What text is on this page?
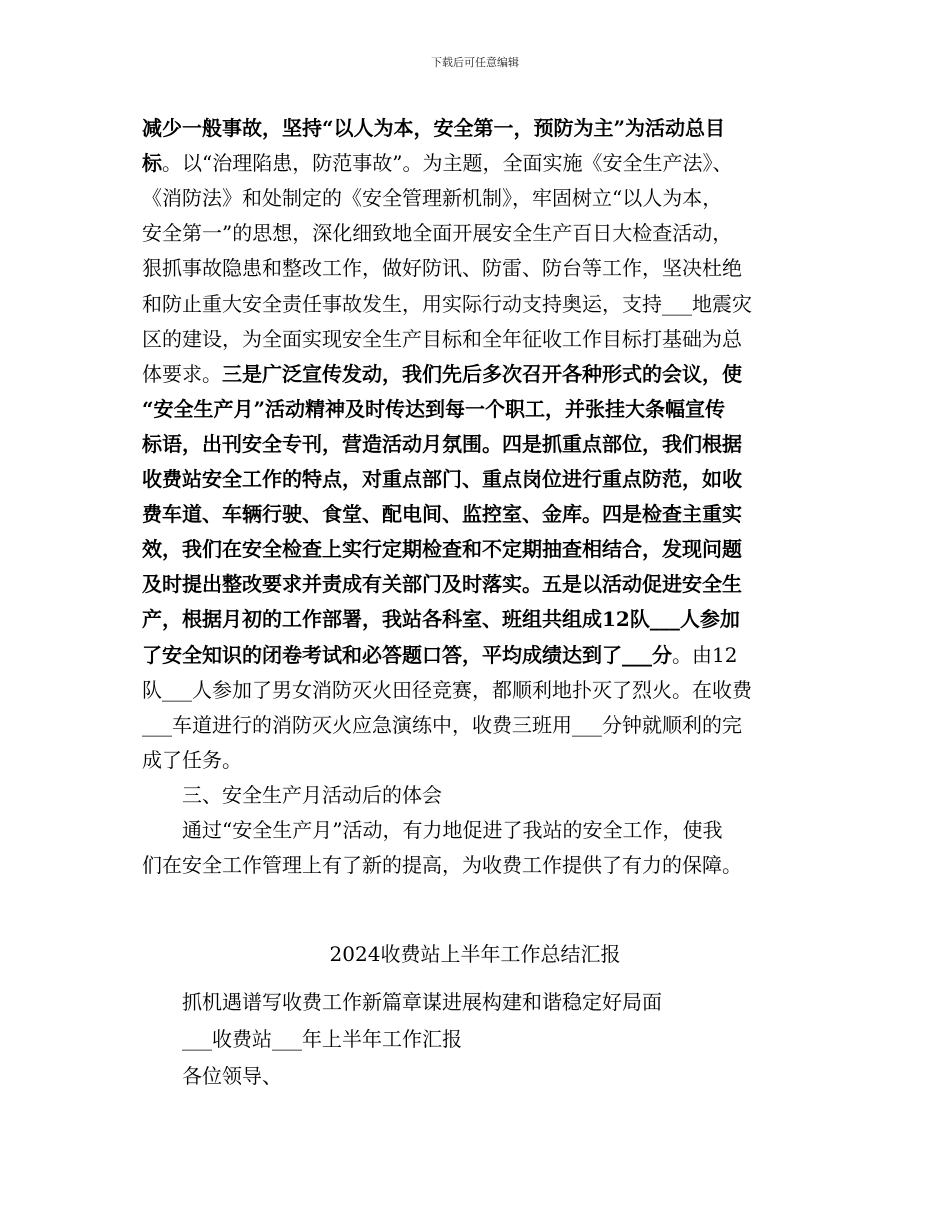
下载后可任意编辑
减少一般事故，坚持“以人为本，安全第一，预防为主”为活动总目
标。以“治理陷患，防范事故”。为主题，全面实施《安全生产法》、
《消防法》和处制定的《安全管理新机制》，牢固树立“以人为本，
安全第一”的思想，深化细致地全面开展安全生产百日大检查活动，
狠抓事故隐患和整改工作，做好防讯、防雷、防台等工作，坚决杜绝
和防止重大安全责任事故发生，用实际行动支持奥运，支持___地震灾
区的建设，为全面实现安全生产目标和全年征收工作目标打基础为总
体要求。三是广泛宣传发动，我们先后多次召开各种形式的会议，使
“安全生产月”活动精神及时传达到每一个职工，并张挂大条幅宣传
标语，出刊安全专刊，营造活动月氛围。四是抓重点部位，我们根据
收费站安全工作的特点，对重点部门、重点岗位进行重点防范，如收
费车道、车辆行驶、食堂、配电间、监控室、金库。四是检查主重实
效，我们在安全检查上实行定期检查和不定期抽查相结合，发现问题
及时提出整改要求并责成有关部门及时落实。五是以活动促进安全生
产，根据月初的工作部署，我站各科室、班组共组成12队___人参加
了安全知识的闭卷考试和必答题口答，平均成绩达到了___分。由12
队___人参加了男女消防灭火田径竞赛，都顺利地扑灭了烈火。在收费
___车道进行的消防灭火应急演练中，收费三班用___分钟就顺利的完
成了任务。
　　三、安全生产月活动后的体会
　　通过“安全生产月”活动，有力地促进了我站的安全工作，使我
们在安全工作管理上有了新的提高，为收费工作提供了有力的保障。
2024收费站上半年工作总结汇报
　　抓机遇谱写收费工作新篇章谋进展构建和谐稳定好局面
　　___收费站___年上半年工作汇报
　　各位领导、
